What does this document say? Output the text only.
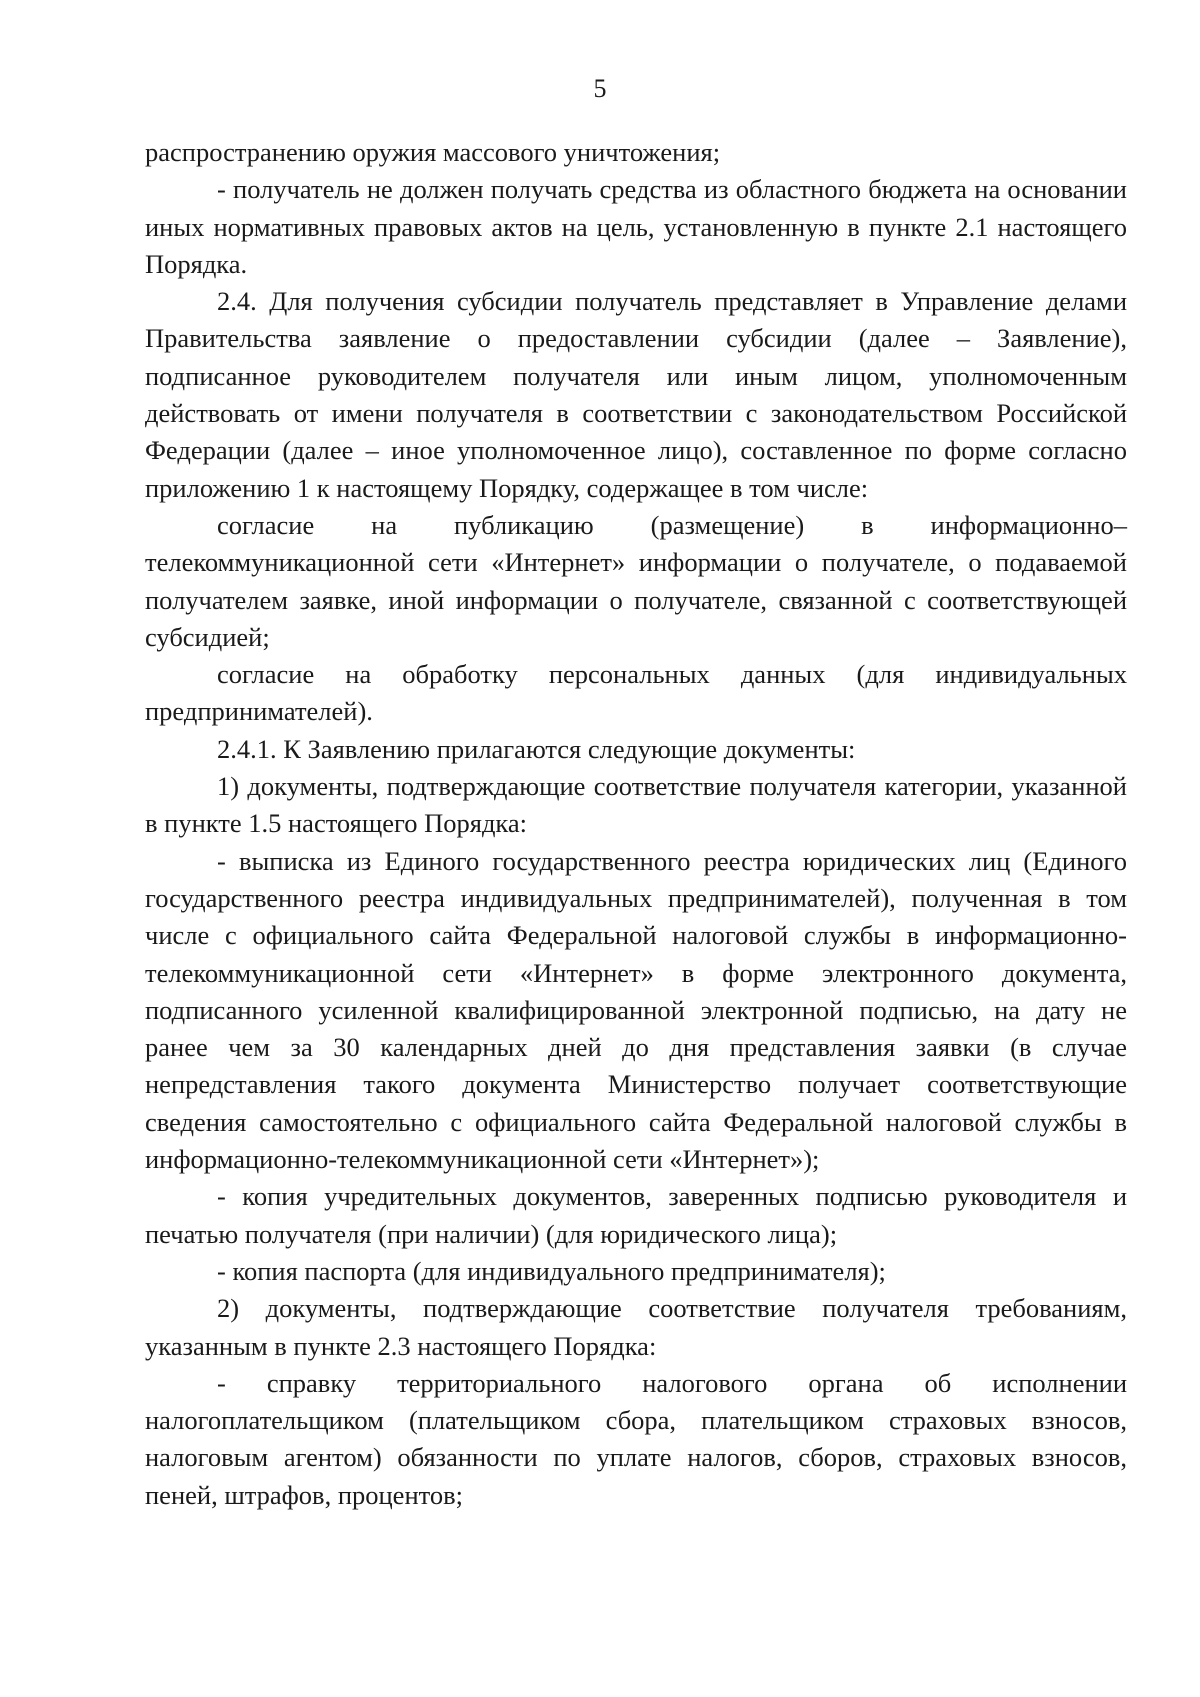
5

распространению оружия массового уничтожения;

- получатель не должен получать средства из областного бюджета на основании иных нормативных правовых актов на цель, установленную в пункте 2.1 настоящего Порядка.

2.4. Для получения субсидии получатель представляет в Управление делами Правительства заявление о предоставлении субсидии (далее – Заявление), подписанное руководителем получателя или иным лицом, уполномоченным действовать от имени получателя в соответствии с законодательством Российской Федерации (далее – иное уполномоченное лицо), составленное по форме согласно приложению 1 к настоящему Порядку, содержащее в том числе:

согласие на публикацию (размещение) в информационно–телекоммуникационной сети «Интернет» информации о получателе, о подаваемой получателем заявке, иной информации о получателе, связанной с соответствующей субсидией;

согласие на обработку персональных данных (для индивидуальных предпринимателей).

2.4.1. К Заявлению прилагаются следующие документы:

1) документы, подтверждающие соответствие получателя категории, указанной в пункте 1.5 настоящего Порядка:

- выписка из Единого государственного реестра юридических лиц (Единого государственного реестра индивидуальных предпринимателей), полученная в том числе с официального сайта Федеральной налоговой службы в информационно-телекоммуникационной сети «Интернет» в форме электронного документа, подписанного усиленной квалифицированной электронной подписью, на дату не ранее чем за 30 календарных дней до дня представления заявки (в случае непредставления такого документа Министерство получает соответствующие сведения самостоятельно с официального сайта Федеральной налоговой службы в информационно-телекоммуникационной сети «Интернет»);

- копия учредительных документов, заверенных подписью руководителя и печатью получателя (при наличии) (для юридического лица);

- копия паспорта (для индивидуального предпринимателя);

2) документы, подтверждающие соответствие получателя требованиям, указанным в пункте 2.3 настоящего Порядка:

- справку территориального налогового органа об исполнении налогоплательщиком (плательщиком сбора, плательщиком страховых взносов, налоговым агентом) обязанности по уплате налогов, сборов, страховых взносов, пеней, штрафов, процентов;
